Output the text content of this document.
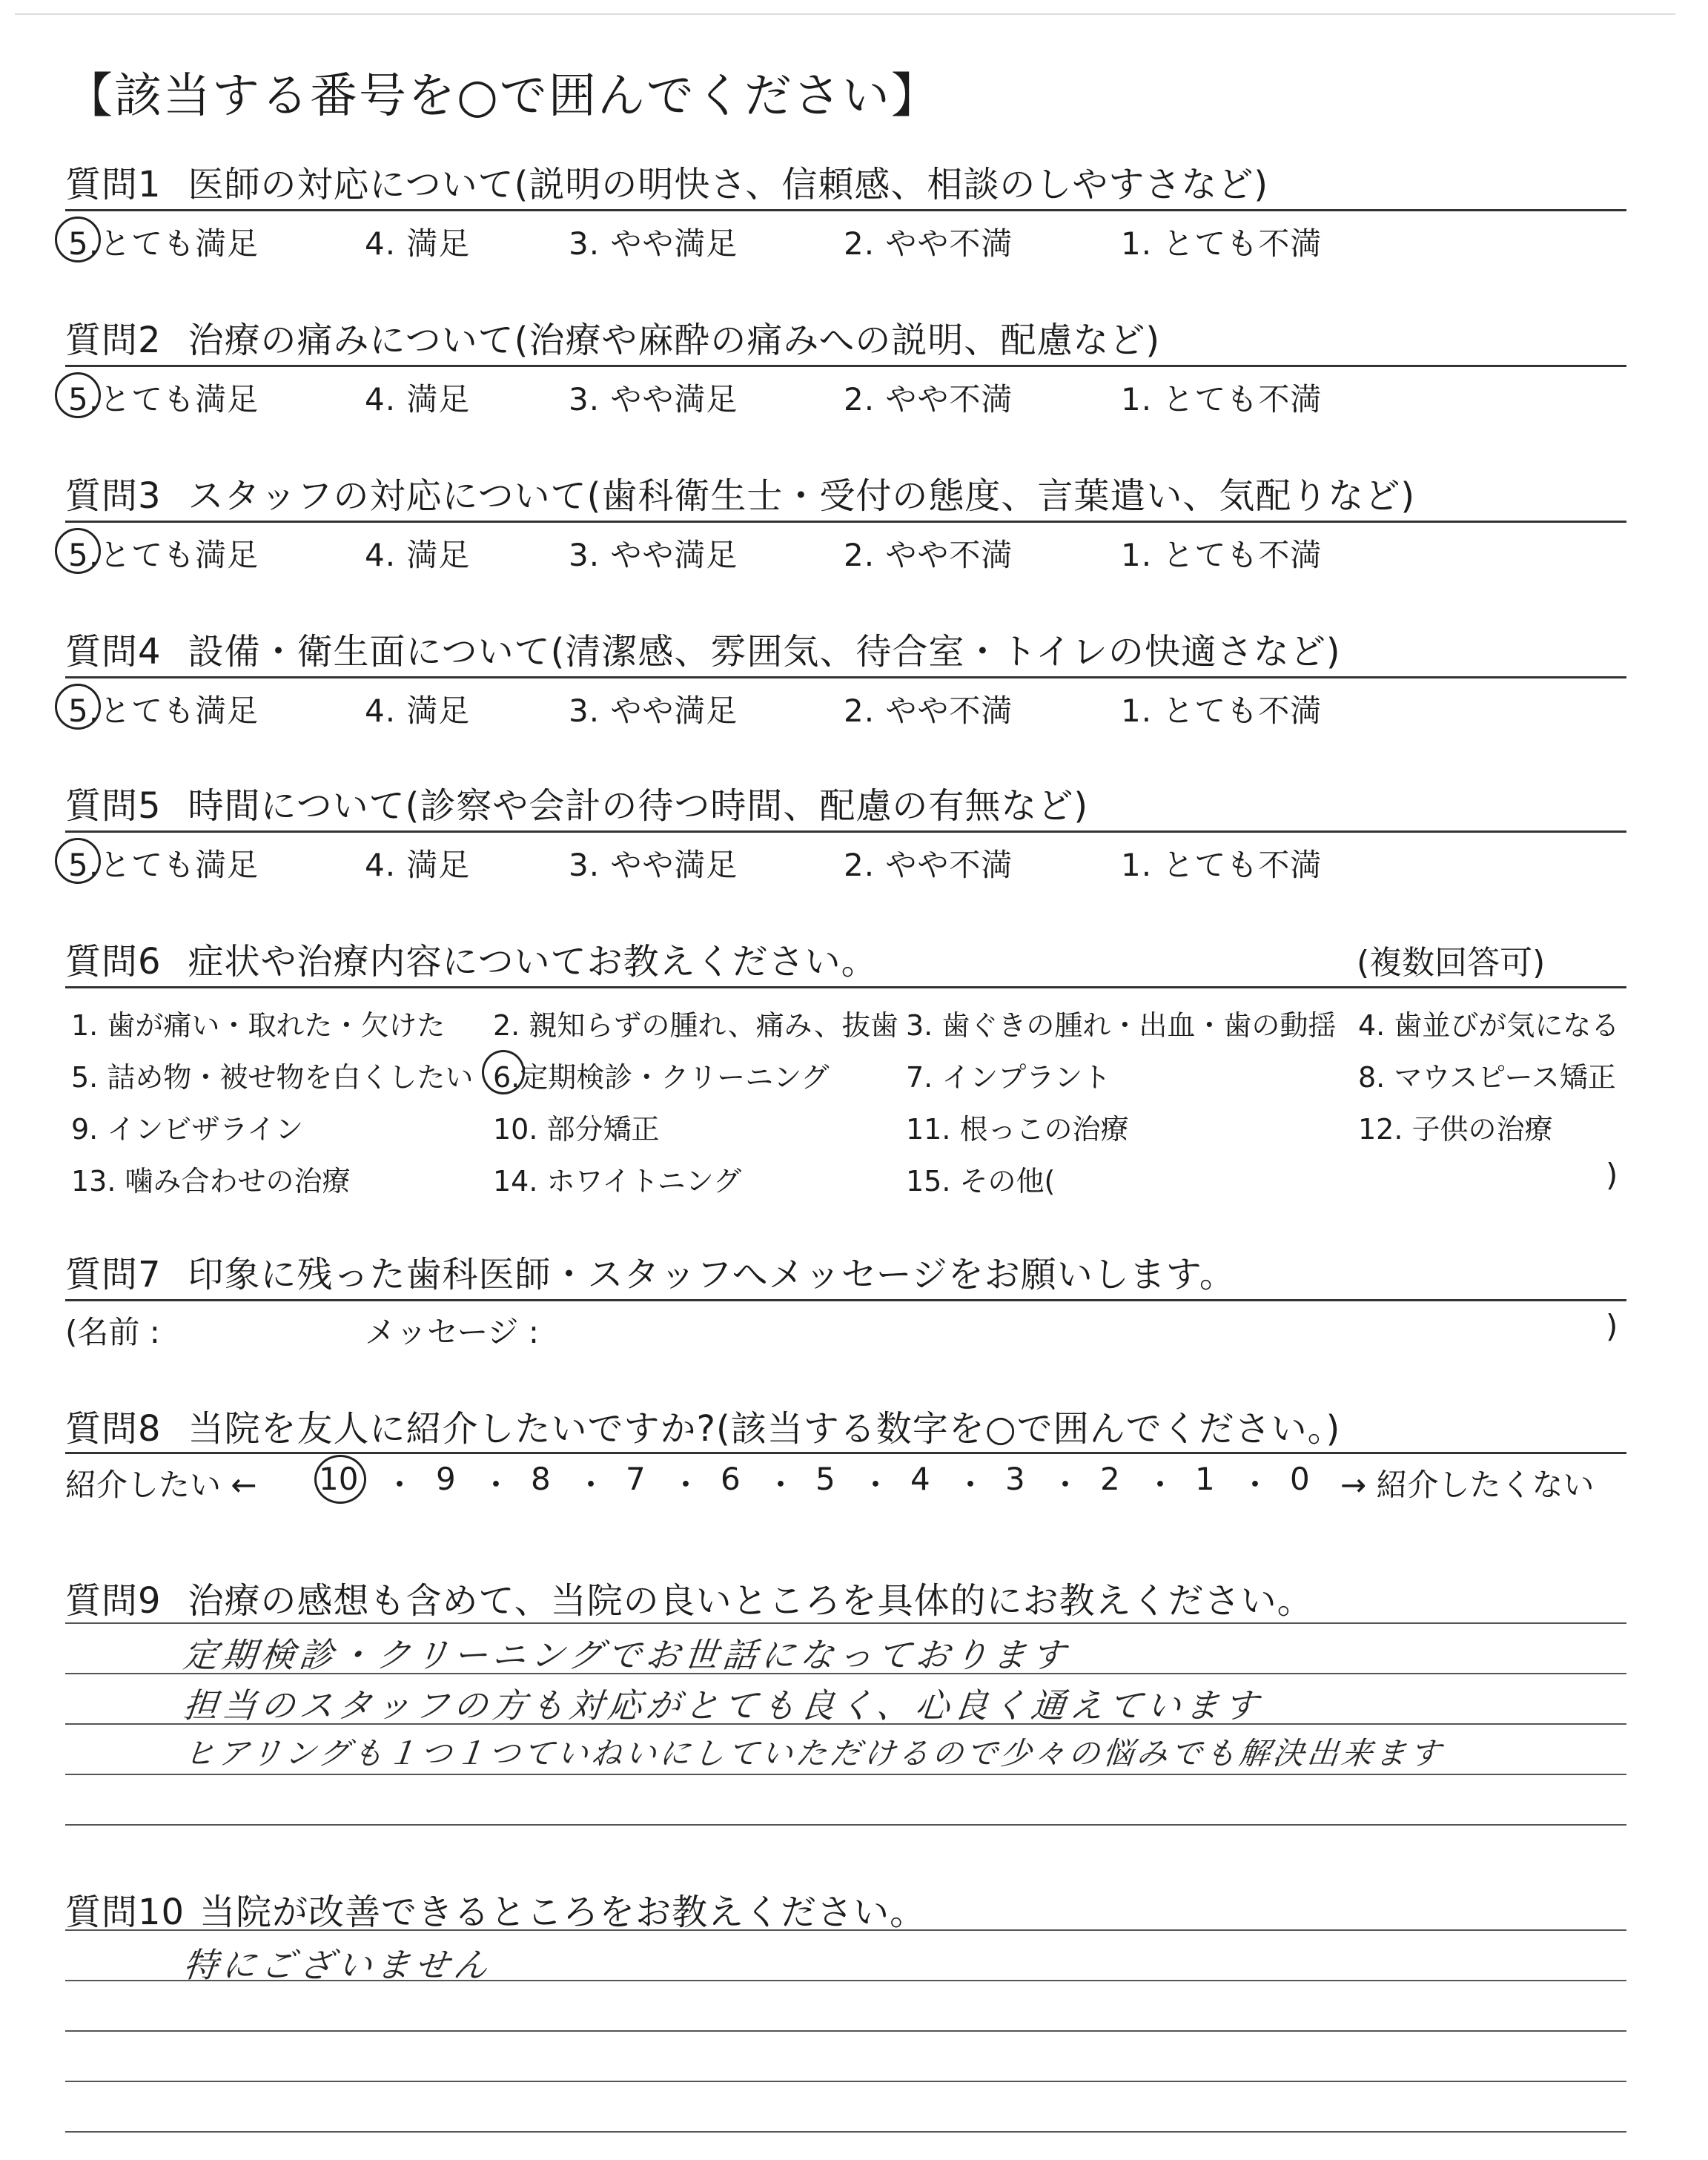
【該当する番号を○で囲んでください】
質問1 医師の対応について(説明の明快さ、信頼感、相談のしやすさなど)
5.とても満足	4. 満足	3. やや満足	2. やや不満	1. とても不満
質問2 治療の痛みについて(治療や麻酔の痛みへの説明、配慮など)
5.とても満足	4. 満足	3. やや満足	2. やや不満	1. とても不満
質問3 スタッフの対応について(歯科衛生士・受付の態度、言葉遣い、気配りなど)
5.とても満足	4. 満足	3. やや満足	2. やや不満	1. とても不満
質問4 設備・衛生面について(清潔感、雰囲気、待合室・トイレの快適さなど)
5.とても満足	4. 満足	3. やや満足	2. やや不満	1. とても不満
質問5 時間について(診察や会計の待つ時間、配慮の有無など)
5.とても満足	4. 満足	3. やや満足	2. やや不満	1. とても不満
質問6 症状や治療内容についてお教えください。	(複数回答可)
1. 歯が痛い・取れた・欠けた 2. 親知らずの腫れ、痛み、抜歯 3. 歯ぐきの腫れ・出血・歯の動揺 4. 歯並びが気になる
5. 詰め物・被せ物を白くしたい 6.定期検診・クリーニング	7. インプラント	8. マウスピース矯正
9. インビザライン	10. 部分矯正	11. 根っこの治療	12. 子供の治療
13. 噛み合わせの治療	14. ホワイトニング	15. その他(	)
質問7 印象に残った歯科医師・スタッフへメッセージをお願いします。
(名前 :	メッセージ :	)
質問8 当院を友人に紹介したいですか?(該当する数字を○で囲んでください。)
紹介したい ← 10 ・ 9 ・ 8 ・ 7 ・ 6 ・ 5 ・ 4 ・ 3 ・ 2 ・ 1 ・ 0 → 紹介したくない
質問9 治療の感想も含めて、当院の良いところを具体的にお教えください。
定期検診・クリーニングでお世話になっております
担当のスタッフの方も対応がとても良く、心良く通えています
ヒアリングも１つ１つていねいにしていただけるので少々の悩みでも解決出来ます
質問10 当院が改善できるところをお教えください。
特にございません
